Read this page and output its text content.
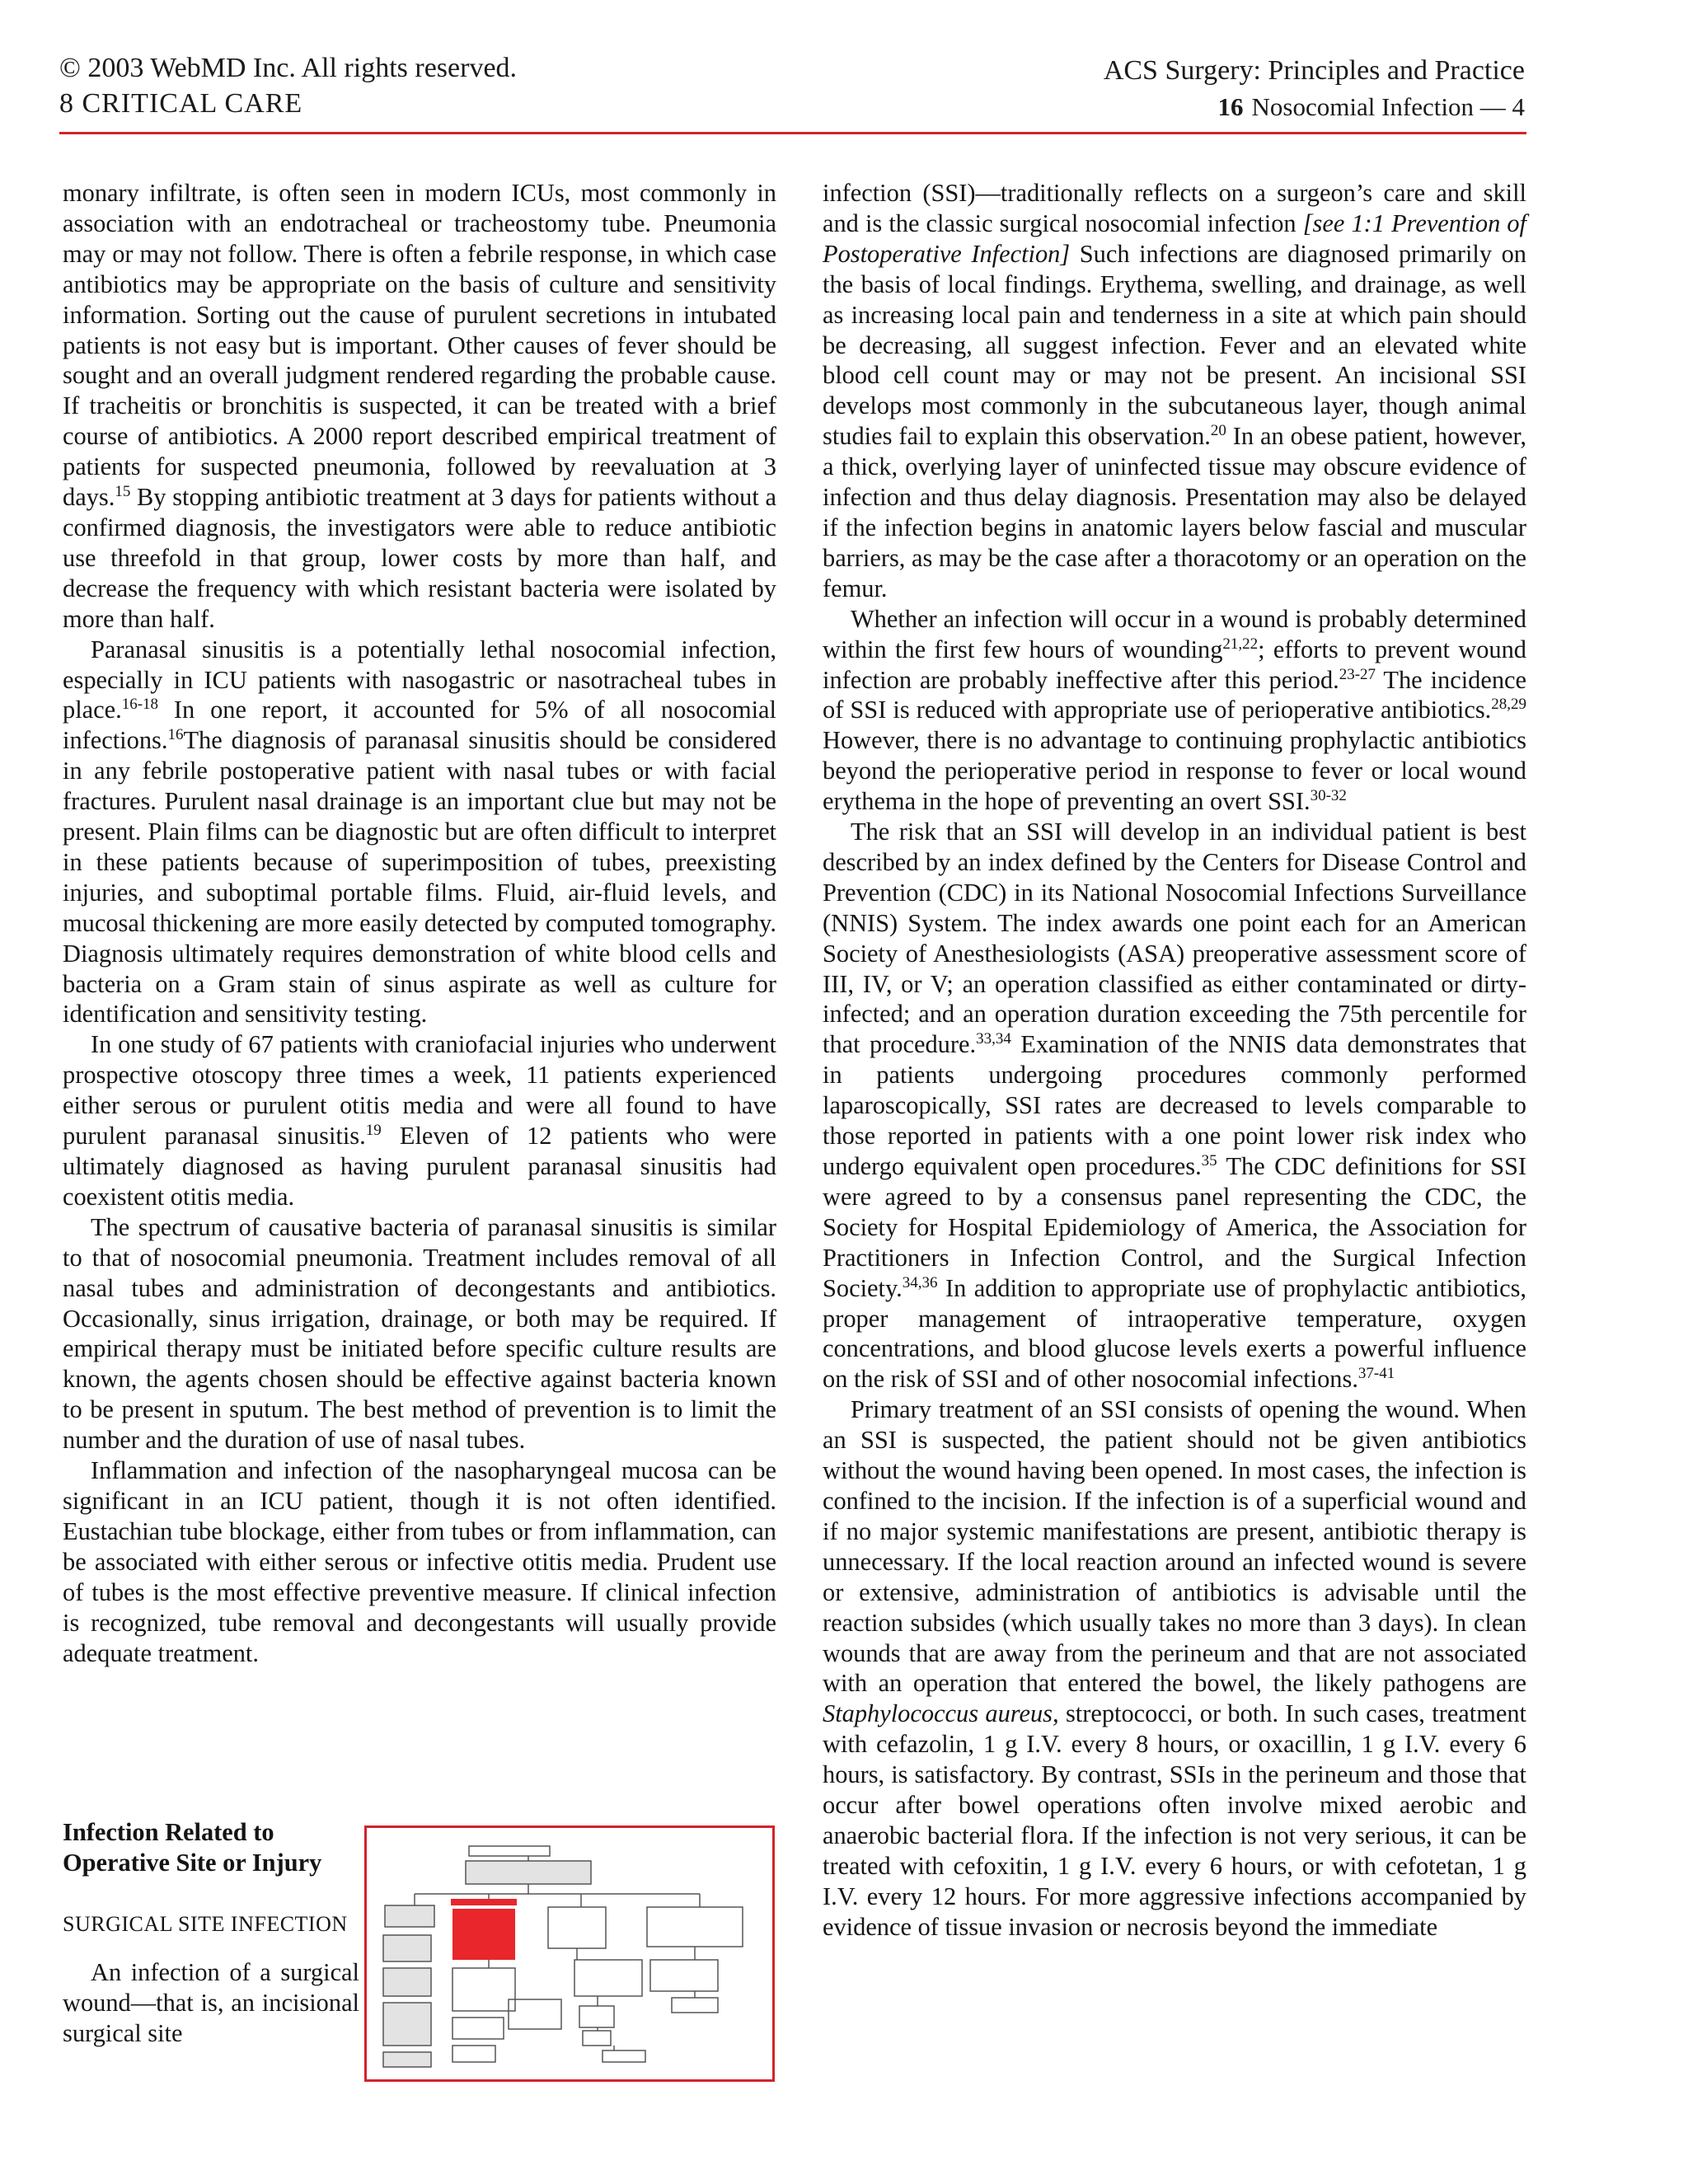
© 2003 WebMD Inc. All rights reserved.
8 CRITICAL CARE
ACS Surgery: Principles and Practice
16 Nosocomial Infection — 4

monary infiltrate, is often seen in modern ICUs, most commonly in association with an endotracheal or tracheostomy tube. Pneumonia may or may not follow. There is often a febrile response, in which case antibiotics may be appropriate on the basis of culture and sensitivity information. Sorting out the cause of purulent secretions in intubated patients is not easy but is important. Other causes of fever should be sought and an overall judgment rendered regarding the probable cause. If tracheitis or bronchitis is suspected, it can be treated with a brief course of antibiotics. A 2000 report described empirical treatment of patients for suspected pneumonia, followed by reevaluation at 3 days.$^{15}$ By stopping antibiotic treatment at 3 days for patients without a confirmed diagnosis, the investigators were able to reduce antibiotic use threefold in that group, lower costs by more than half, and decrease the frequency with which resistant bacteria were isolated by more than half.

Paranasal sinusitis is a potentially lethal nosocomial infection, especially in ICU patients with nasogastric or nasotracheal tubes in place.$^{16-18}$ In one report, it accounted for 5% of all nosocomial infections.$^{16}$The diagnosis of paranasal sinusitis should be considered in any febrile postoperative patient with nasal tubes or with facial fractures. Purulent nasal drainage is an important clue but may not be present. Plain films can be diagnostic but are often difficult to interpret in these patients because of superimposition of tubes, preexisting injuries, and suboptimal portable films. Fluid, air-fluid levels, and mucosal thickening are more easily detected by computed tomography. Diagnosis ultimately requires demonstration of white blood cells and bacteria on a Gram stain of sinus aspirate as well as culture for identification and sensitivity testing.

In one study of 67 patients with craniofacial injuries who underwent prospective otoscopy three times a week, 11 patients experienced either serous or purulent otitis media and were all found to have purulent paranasal sinusitis.$^{19}$ Eleven of 12 patients who were ultimately diagnosed as having purulent paranasal sinusitis had coexistent otitis media.

The spectrum of causative bacteria of paranasal sinusitis is similar to that of nosocomial pneumonia. Treatment includes removal of all nasal tubes and administration of decongestants and antibiotics. Occasionally, sinus irrigation, drainage, or both may be required. If empirical therapy must be initiated before specific culture results are known, the agents chosen should be effective against bacteria known to be present in sputum. The best method of prevention is to limit the number and the duration of use of nasal tubes.

Inflammation and infection of the nasopharyngeal mucosa can be significant in an ICU patient, though it is not often identified. Eustachian tube blockage, either from tubes or from inflammation, can be associated with either serous or infective otitis media. Prudent use of tubes is the most effective preventive measure. If clinical infection is recognized, tube removal and decongestants will usually provide adequate treatment.

Infection Related to Operative Site or Injury

SURGICAL SITE INFECTION

An infection of a surgical wound—that is, an incisional surgical site

infection (SSI)—traditionally reflects on a surgeon’s care and skill and is the classic surgical nosocomial infection [see 1:1 Prevention of Postoperative Infection] Such infections are diagnosed primarily on the basis of local findings. Erythema, swelling, and drainage, as well as increasing local pain and tenderness in a site at which pain should be decreasing, all suggest infection. Fever and an elevated white blood cell count may or may not be present. An incisional SSI develops most commonly in the subcutaneous layer, though animal studies fail to explain this observation.$^{20}$ In an obese patient, however, a thick, overlying layer of uninfected tissue may obscure evidence of infection and thus delay diagnosis. Presentation may also be delayed if the infection begins in anatomic layers below fascial and muscular barriers, as may be the case after a thoracotomy or an operation on the femur.

Whether an infection will occur in a wound is probably determined within the first few hours of wounding$^{21,22}$; efforts to prevent wound infection are probably ineffective after this period.$^{23-27}$ The incidence of SSI is reduced with appropriate use of perioperative antibiotics.$^{28,29}$ However, there is no advantage to continuing prophylactic antibiotics beyond the perioperative period in response to fever or local wound erythema in the hope of preventing an overt SSI.$^{30-32}$

The risk that an SSI will develop in an individual patient is best described by an index defined by the Centers for Disease Control and Prevention (CDC) in its National Nosocomial Infections Surveillance (NNIS) System. The index awards one point each for an American Society of Anesthesiologists (ASA) preoperative assessment score of III, IV, or V; an operation classified as either contaminated or dirty-infected; and an operation duration exceeding the 75th percentile for that procedure.$^{33,34}$ Examination of the NNIS data demonstrates that in patients undergoing procedures commonly performed laparoscopically, SSI rates are decreased to levels comparable to those reported in patients with a one point lower risk index who undergo equivalent open procedures.$^{35}$ The CDC definitions for SSI were agreed to by a consensus panel representing the CDC, the Society for Hospital Epidemiology of America, the Association for Practitioners in Infection Control, and the Surgical Infection Society.$^{34,36}$ In addition to appropriate use of prophylactic antibiotics, proper management of intraoperative temperature, oxygen concentrations, and blood glucose levels exerts a powerful influence on the risk of SSI and of other nosocomial infections.$^{37-41}$

Primary treatment of an SSI consists of opening the wound. When an SSI is suspected, the patient should not be given antibiotics without the wound having been opened. In most cases, the infection is confined to the incision. If the infection is of a superficial wound and if no major systemic manifestations are present, antibiotic therapy is unnecessary. If the local reaction around an infected wound is severe or extensive, administration of antibiotics is advisable until the reaction subsides (which usually takes no more than 3 days). In clean wounds that are away from the perineum and that are not associated with an operation that entered the bowel, the likely pathogens are Staphylococcus aureus, streptococci, or both. In such cases, treatment with cefazolin, 1 g I.V. every 8 hours, or oxacillin, 1 g I.V. every 6 hours, is satisfactory. By contrast, SSIs in the perineum and those that occur after bowel operations often involve mixed aerobic and anaerobic bacterial flora. If the infection is not very serious, it can be treated with cefoxitin, 1 g I.V. every 6 hours, or with cefotetan, 1 g I.V. every 12 hours. For more aggressive infections accompanied by evidence of tissue invasion or necrosis beyond the immediate
